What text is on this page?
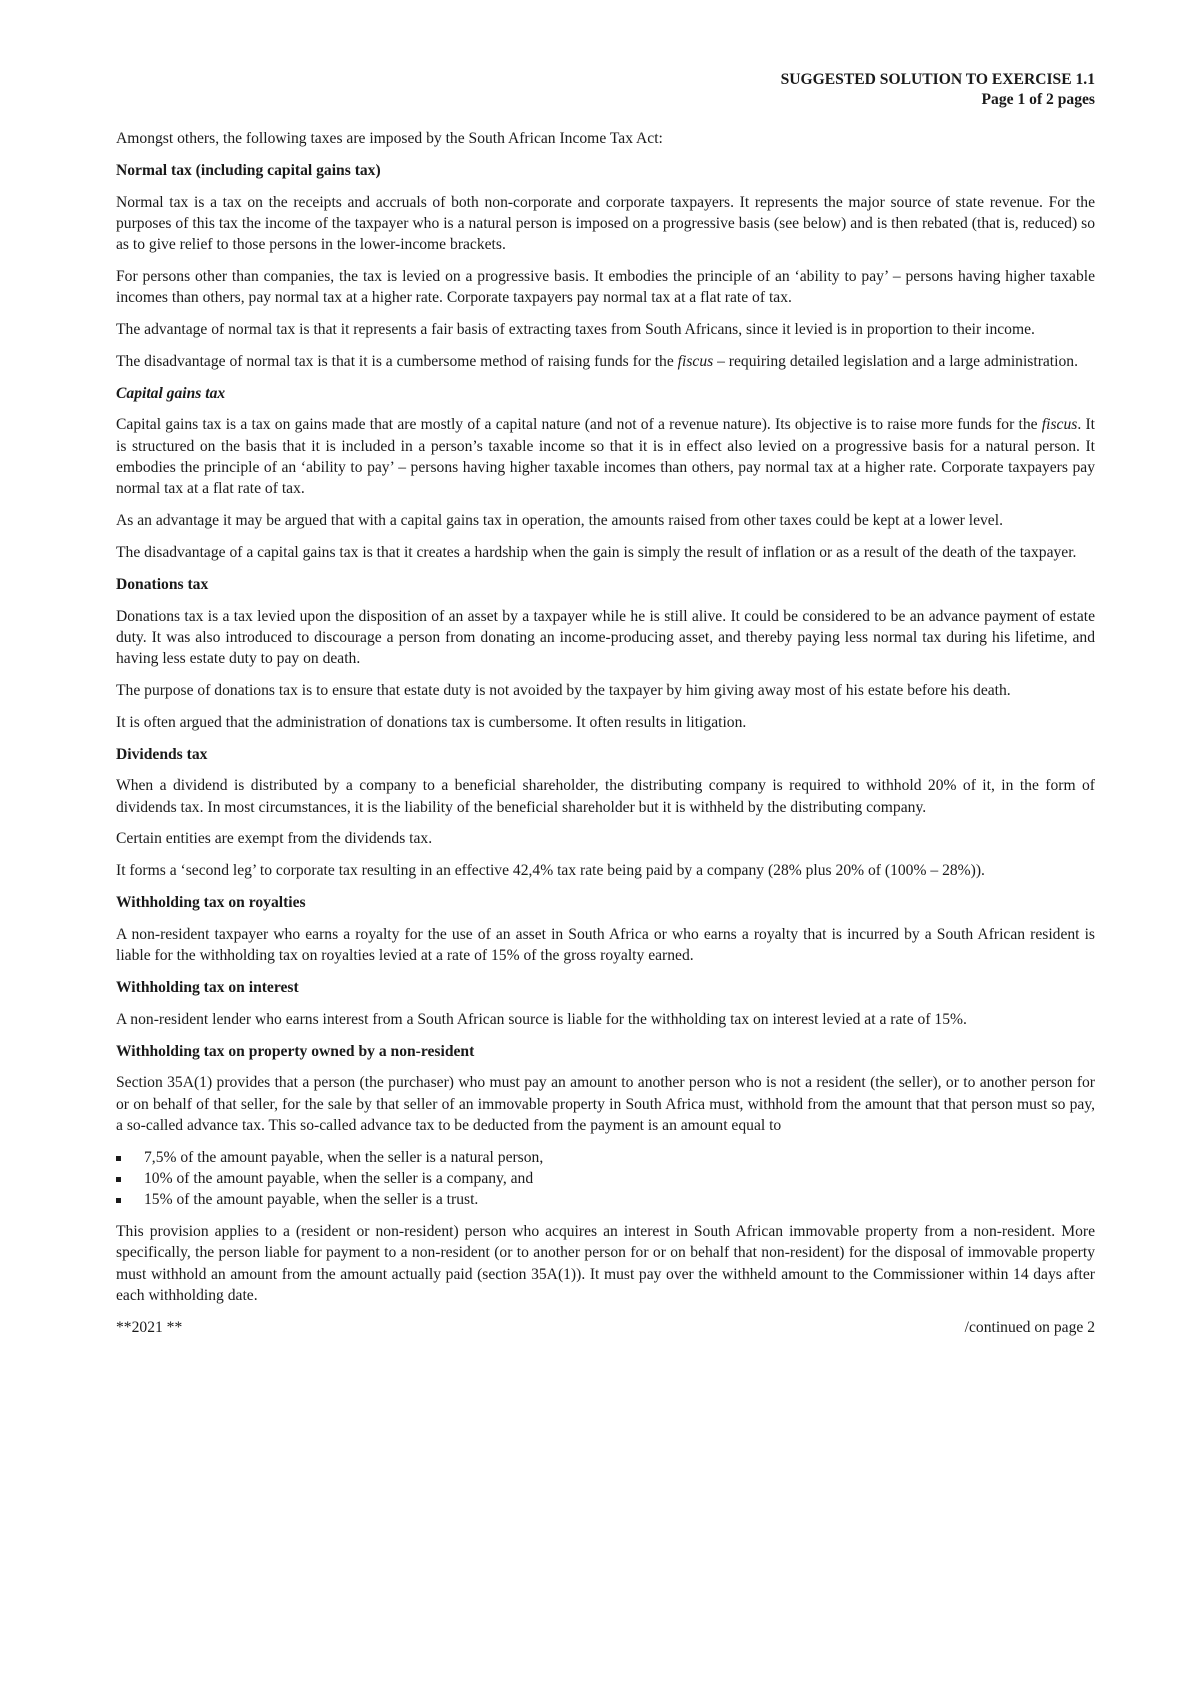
SUGGESTED SOLUTION TO EXERCISE 1.1
Page 1 of 2 pages

Amongst others, the following taxes are imposed by the South African Income Tax Act:

Normal tax (including capital gains tax)

Normal tax is a tax on the receipts and accruals of both non-corporate and corporate taxpayers. It represents the major source of state revenue. For the purposes of this tax the income of the taxpayer who is a natural person is imposed on a progressive basis (see below) and is then rebated (that is, reduced) so as to give relief to those persons in the lower-income brackets.

For persons other than companies, the tax is levied on a progressive basis. It embodies the principle of an ‘ability to pay’ – persons having higher taxable incomes than others, pay normal tax at a higher rate. Corporate taxpayers pay normal tax at a flat rate of tax.

The advantage of normal tax is that it represents a fair basis of extracting taxes from South Africans, since it levied is in proportion to their income.

The disadvantage of normal tax is that it is a cumbersome method of raising funds for the fiscus – requiring detailed legislation and a large administration.

Capital gains tax

Capital gains tax is a tax on gains made that are mostly of a capital nature (and not of a revenue nature). Its objective is to raise more funds for the fiscus. It is structured on the basis that it is included in a person’s taxable income so that it is in effect also levied on a progressive basis for a natural person. It embodies the principle of an ‘ability to pay’ – persons having higher taxable incomes than others, pay normal tax at a higher rate. Corporate taxpayers pay normal tax at a flat rate of tax.

As an advantage it may be argued that with a capital gains tax in operation, the amounts raised from other taxes could be kept at a lower level.

The disadvantage of a capital gains tax is that it creates a hardship when the gain is simply the result of inflation or as a result of the death of the taxpayer.

Donations tax

Donations tax is a tax levied upon the disposition of an asset by a taxpayer while he is still alive. It could be considered to be an advance payment of estate duty. It was also introduced to discourage a person from donating an income-producing asset, and thereby paying less normal tax during his lifetime, and having less estate duty to pay on death.

The purpose of donations tax is to ensure that estate duty is not avoided by the taxpayer by him giving away most of his estate before his death.

It is often argued that the administration of donations tax is cumbersome. It often results in litigation.

Dividends tax

When a dividend is distributed by a company to a beneficial shareholder, the distributing company is required to withhold 20% of it, in the form of dividends tax. In most circumstances, it is the liability of the beneficial shareholder but it is withheld by the distributing company.

Certain entities are exempt from the dividends tax.

It forms a ‘second leg’ to corporate tax resulting in an effective 42,4% tax rate being paid by a company (28% plus 20% of (100% – 28%)).

Withholding tax on royalties

A non-resident taxpayer who earns a royalty for the use of an asset in South Africa or who earns a royalty that is incurred by a South African resident is liable for the withholding tax on royalties levied at a rate of 15% of the gross royalty earned.

Withholding tax on interest

A non-resident lender who earns interest from a South African source is liable for the withholding tax on interest levied at a rate of 15%.

Withholding tax on property owned by a non-resident

Section 35A(1) provides that a person (the purchaser) who must pay an amount to another person who is not a resident (the seller), or to another person for or on behalf of that seller, for the sale by that seller of an immovable property in South Africa must, withhold from the amount that that person must so pay, a so-called advance tax. This so-called advance tax to be deducted from the payment is an amount equal to

7,5% of the amount payable, when the seller is a natural person,
10% of the amount payable, when the seller is a company, and
15% of the amount payable, when the seller is a trust.

This provision applies to a (resident or non-resident) person who acquires an interest in South African immovable property from a non-resident. More specifically, the person liable for payment to a non-resident (or to another person for or on behalf that non-resident) for the disposal of immovable property must withhold an amount from the amount actually paid (section 35A(1)). It must pay over the withheld amount to the Commissioner within 14 days after each withholding date.

**2021 **	/continued on page 2
